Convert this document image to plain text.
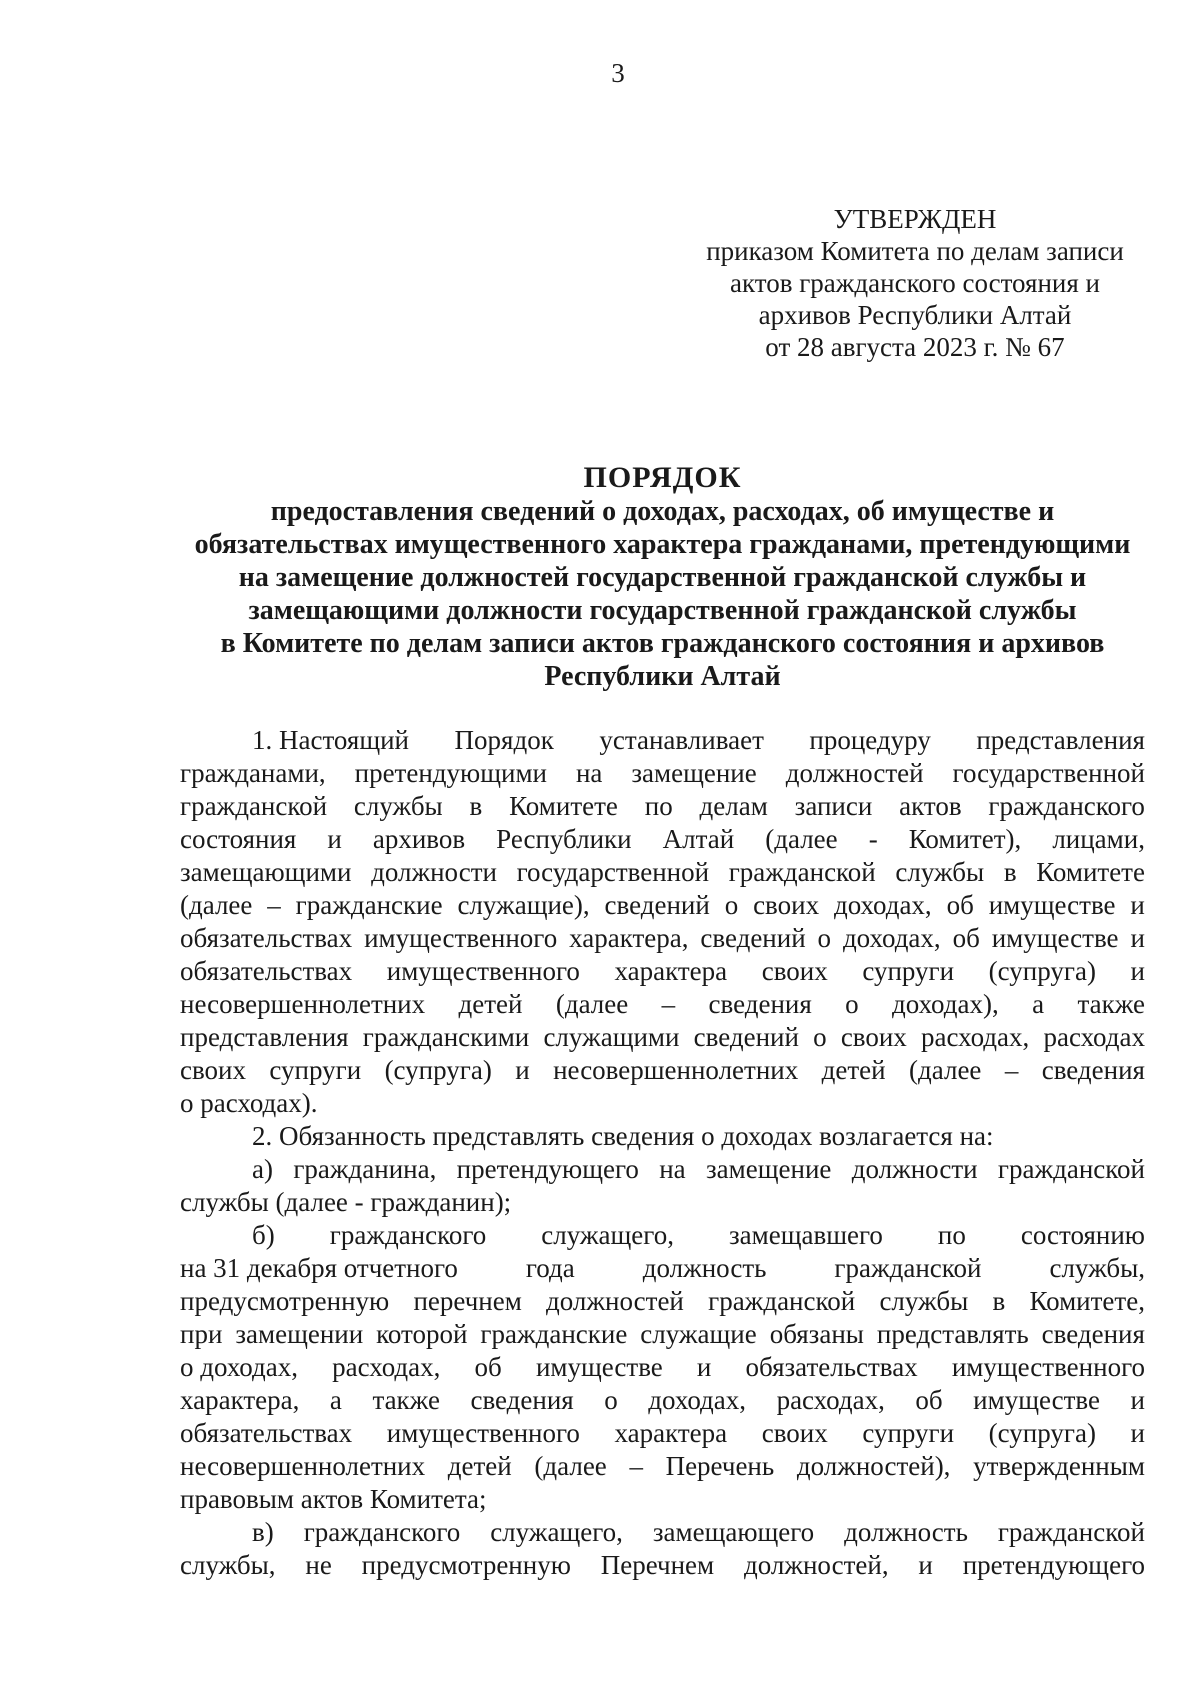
3
УТВЕРЖДЕН
приказом Комитета по делам записи
актов гражданского состояния и
архивов Республики Алтай
от 28 августа 2023 г. № 67
ПОРЯДОК
предоставления сведений о доходах, расходах, об имуществе и
обязательствах имущественного характера гражданами, претендующими
на замещение должностей государственной гражданской службы и
замещающими должности государственной гражданской службы
в Комитете по делам записи актов гражданского состояния и архивов
Республики Алтай
1. Настоящий Порядок устанавливает процедуру представления
гражданами, претендующими на замещение должностей государственной
гражданской службы в Комитете по делам записи актов гражданского
состояния и архивов Республики Алтай (далее - Комитет), лицами,
замещающими должности государственной гражданской службы в Комитете
(далее – гражданские служащие), сведений о своих доходах, об имуществе и
обязательствах имущественного характера, сведений о доходах, об имуществе и
обязательствах имущественного характера своих супруги (супруга) и
несовершеннолетних детей (далее – сведения о доходах), а также
представления гражданскими служащими сведений о своих расходах, расходах
своих супруги (супруга) и несовершеннолетних детей (далее – сведения
о расходах).
2. Обязанность представлять сведения о доходах возлагается на:
а) гражданина, претендующего на замещение должности гражданской
службы (далее - гражданин);
б) гражданского служащего, замещавшего по состоянию
на 31 декабря отчетного	года	должность	гражданской	службы,
предусмотренную перечнем должностей гражданской службы в Комитете,
при замещении которой гражданские служащие обязаны представлять сведения
о доходах, расходах, об имуществе и обязательствах имущественного
характера, а также сведения о доходах, расходах, об имуществе и
обязательствах имущественного характера своих супруги (супруга) и
несовершеннолетних детей (далее – Перечень должностей), утвержденным
правовым актов Комитета;
в) гражданского служащего, замещающего должность гражданской
службы, не предусмотренную Перечнем должностей, и претендующего
